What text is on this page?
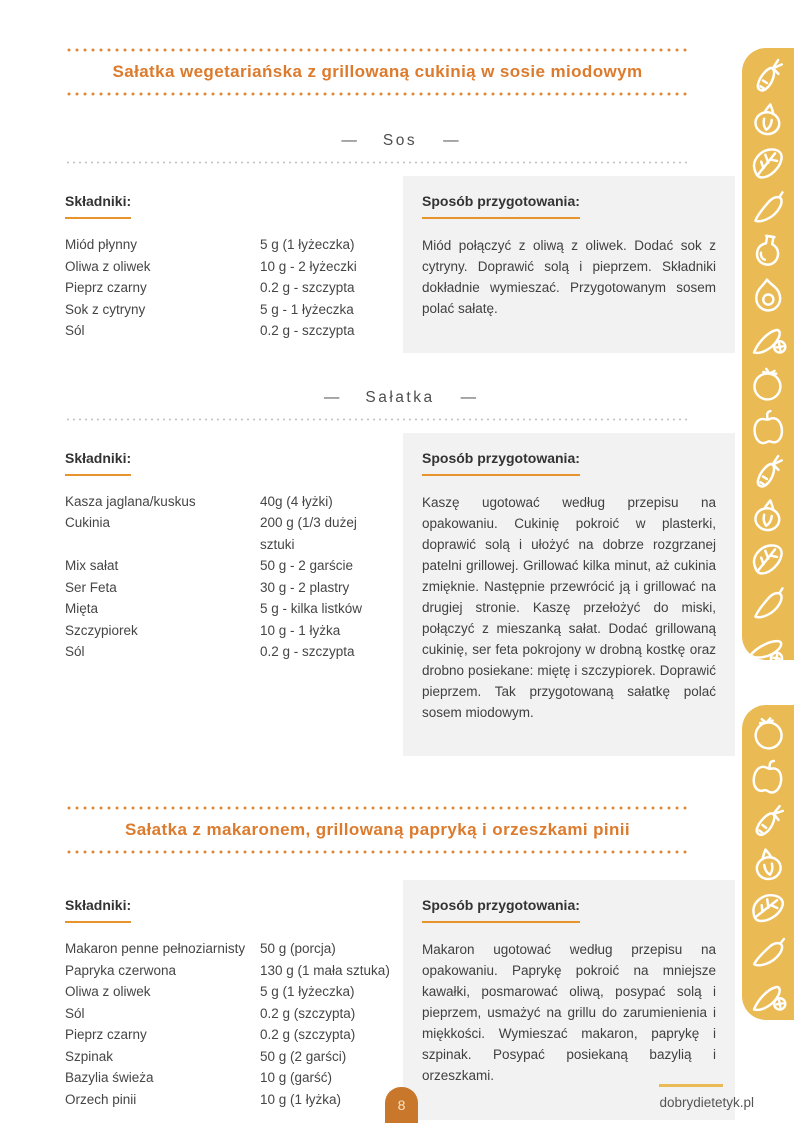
Sałatka wegetariańska z grillowaną cukinią w sosie miodowym
— Sos —
Składniki:
Miód płynny	5 g (1 łyżeczka)
Oliwa z oliwek	10 g - 2 łyżeczki
Pieprz czarny	0.2 g - szczypta
Sok z cytryny	5 g - 1 łyżeczka
Sól	0.2 g - szczypta
Sposób przygotowania:

Miód połączyć z oliwą z oliwek. Dodać sok z cytryny. Doprawić solą i pieprzem. Składniki dokładnie wymieszać. Przygotowanym sosem polać sałatę.

— Sałatka —
Składniki:
Kasza jaglana/kuskus	40g (4 łyżki)
Cukinia	200 g (1/3 dużej sztuki
Mix sałat	50 g - 2 garście
Ser Feta	30 g - 2 plastry
Mięta	5 g - kilka listków
Szczypiorek	10 g - 1 łyżka
Sól	0.2 g - szczypta
Sposób przygotowania:

Kaszę ugotować według przepisu na opakowaniu. Cukinię pokroić w plasterki, doprawić solą i ułożyć na dobrze rozgrzanej patelni grillowej. Grillować kilka minut, aż cukinia zmięknie. Następnie przewrócić ją i grillować na drugiej stronie. Kaszę przełożyć do miski, połączyć z mieszanką sałat. Dodać grillowaną cukinię, ser feta pokrojony w drobną kostkę oraz drobno posiekane: miętę i szczypiorek. Doprawić pieprzem. Tak przygotowaną sałatkę polać sosem miodowym.

Sałatka z makaronem, grillowaną papryką i orzeszkami pinii
Składniki:
Makaron penne pełnoziarnisty	50 g (porcja)
Papryka czerwona	130 g (1 mała sztuka)
Oliwa z oliwek	5 g (1 łyżeczka)
Sól	0.2 g (szczypta)
Pieprz czarny	0.2 g (szczypta)
Szpinak	50 g (2 garści)
Bazylia świeża	10 g (garść)
Orzech pinii	10 g (1 łyżka)
Sposób przygotowania:

Makaron ugotować według przepisu na opakowaniu. Paprykę pokroić na mniejsze kawałki, posmarować oliwą, posypać solą i pieprzem, usmażyć na grillu do zarumienienia i miękkości. Wymieszać makaron, paprykę i szpinak. Posypać posiekaną bazylią i orzeszkami.

8	dobrydietetyk.pl
